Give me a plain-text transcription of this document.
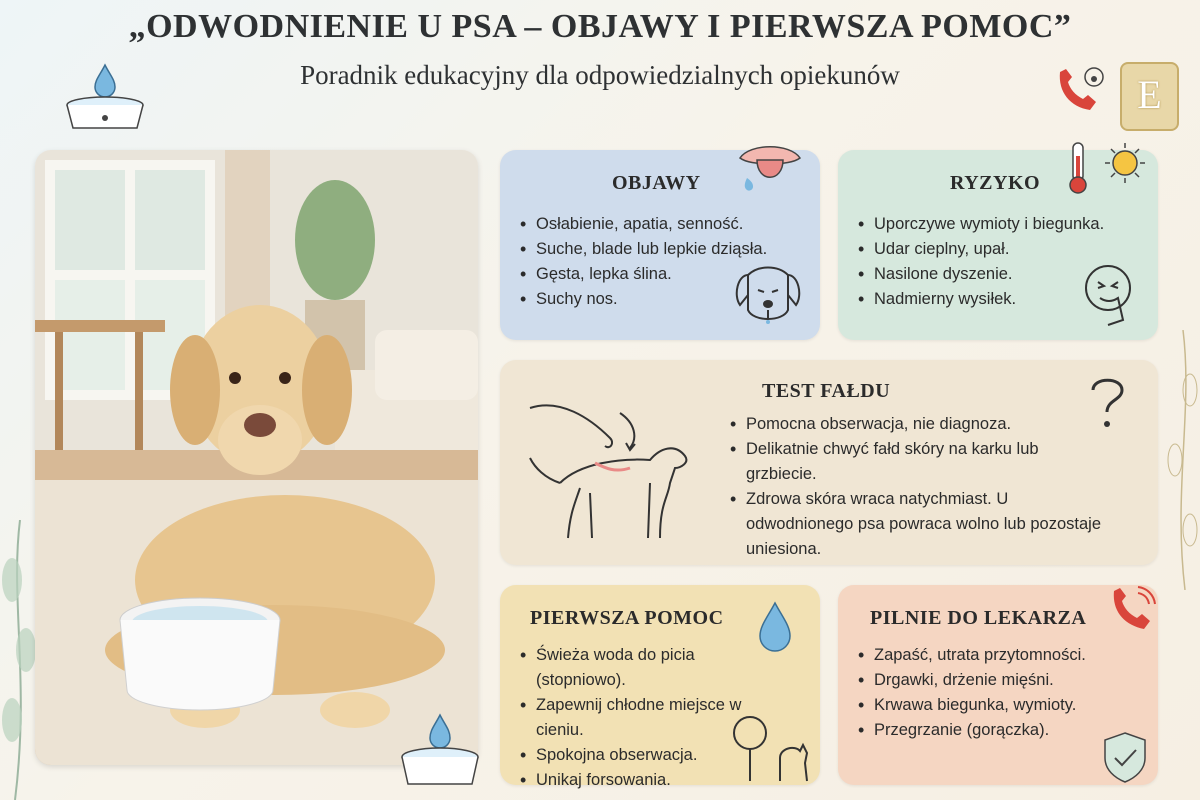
E
„ODWODNIENIE U PSA – OBJAWY I PIERWSZA POMOC”
Poradnik edukacyjny dla odpowiedzialnych opiekunów
OBJAWY
• Osłabienie, apatia, senność.
• Suche, blade lub lepkie dziąsła.
• Gęsta, lepka ślina.
• Suchy nos.
RYZYKO
• Uporczywe wymioty i biegunka.
• Udar cieplny, upał.
• Nasilone dyszenie.
• Nadmierny wysiłek.
TEST FAŁDU
• Pomocna obserwacja, nie diagnoza.
• Delikatnie chwyć fałd skóry na karku lub grzbiecie.
• Zdrowa skóra wraca natychmiast. U odwodnionego psa powraca wolno lub pozostaje uniesiona.
PIERWSZA POMOC
• Świeża woda do picia (stopniowo).
• Zapewnij chłodne miejsce w cieniu.
• Spokojna obserwacja.
• Unikaj forsowania.
PILNIE DO LEKARZA
• Zapaść, utrata przytomności.
• Drgawki, drżenie mięśni.
• Krwawa biegunka, wymioty.
• Przegrzanie (gorączka).
